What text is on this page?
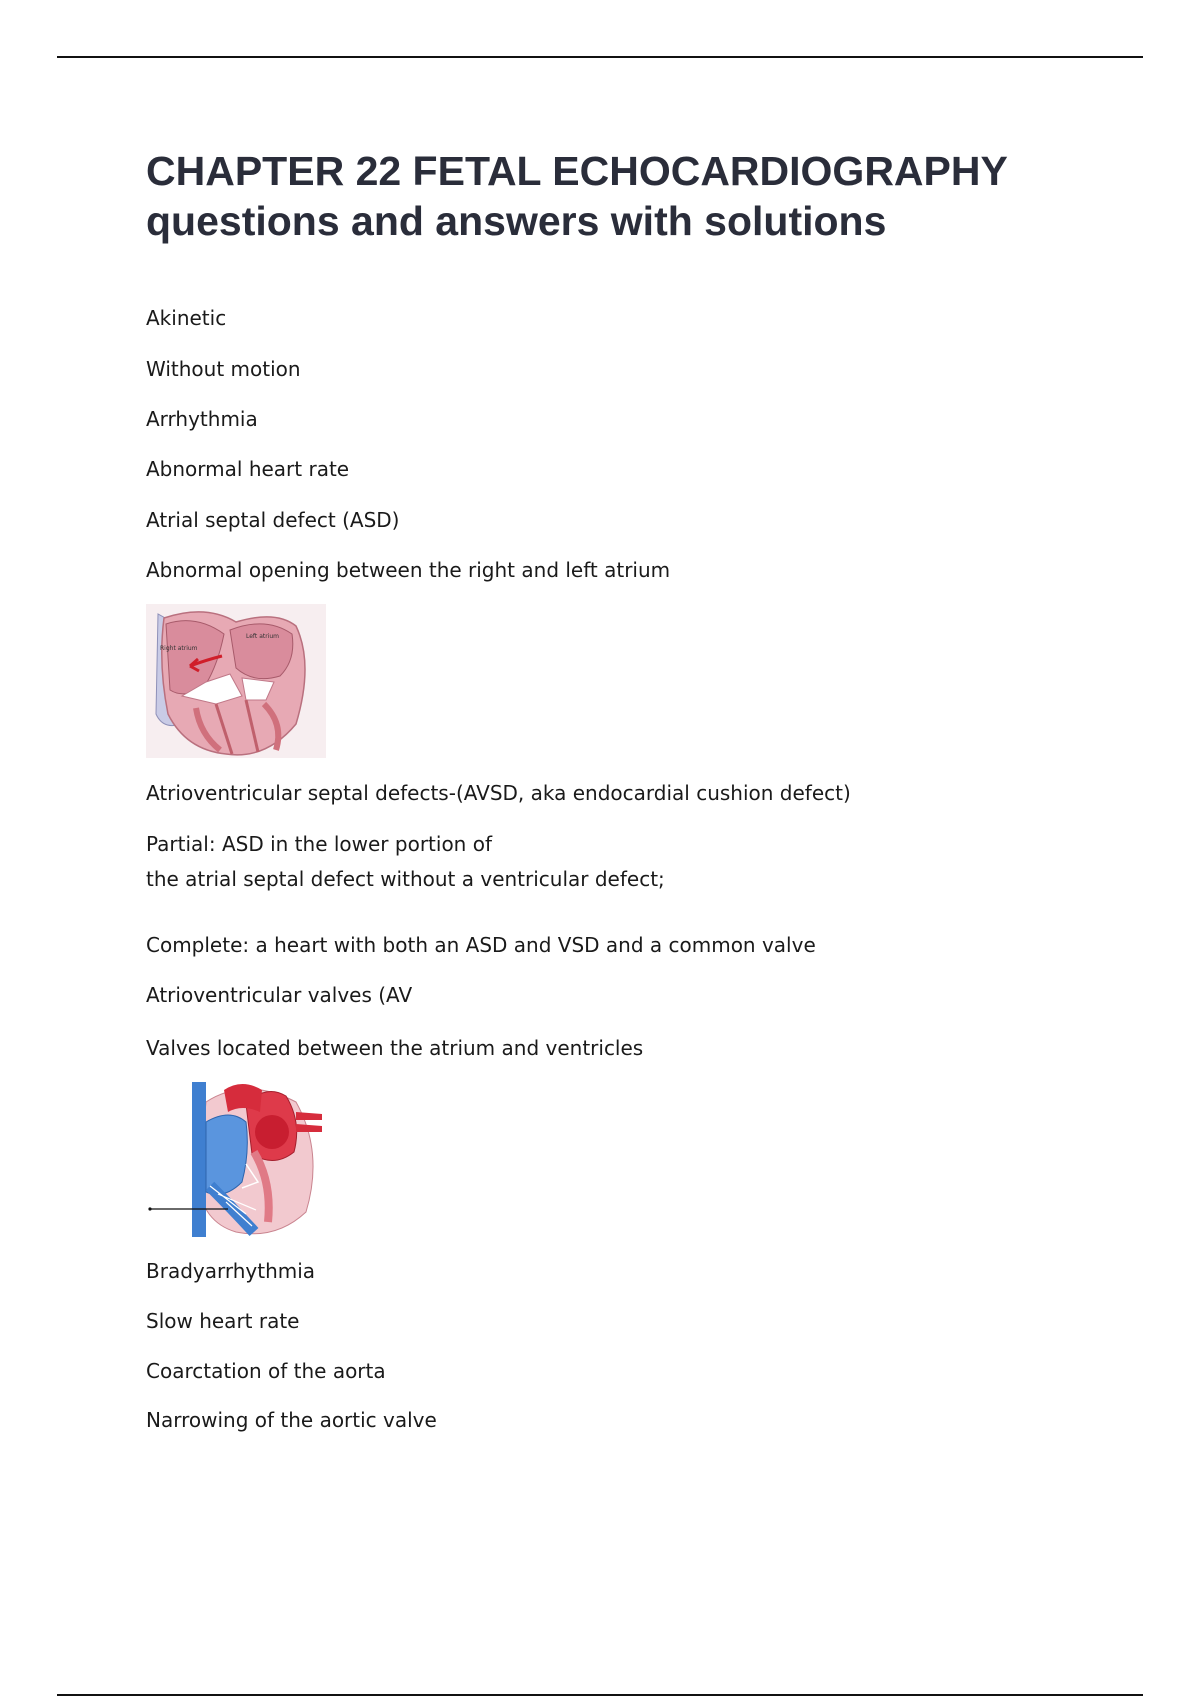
CHAPTER 22 FETAL ECHOCARDIOGRAPHY
questions and answers with solutions

Akinetic

Without motion

Arrhythmia

Abnormal heart rate

Atrial septal defect (ASD)

Abnormal opening between the right and left atrium

Right atrium
Left atrium

Atrioventricular septal defects-(AVSD, aka endocardial cushion defect)

Partial: ASD in the lower portion of

the atrial septal defect without a ventricular defect;

Complete: a heart with both an ASD and VSD and a common valve

Atrioventricular valves (AV

Valves located between the atrium and ventricles

Bradyarrhythmia

Slow heart rate

Coarctation of the aorta

Narrowing of the aortic valve
